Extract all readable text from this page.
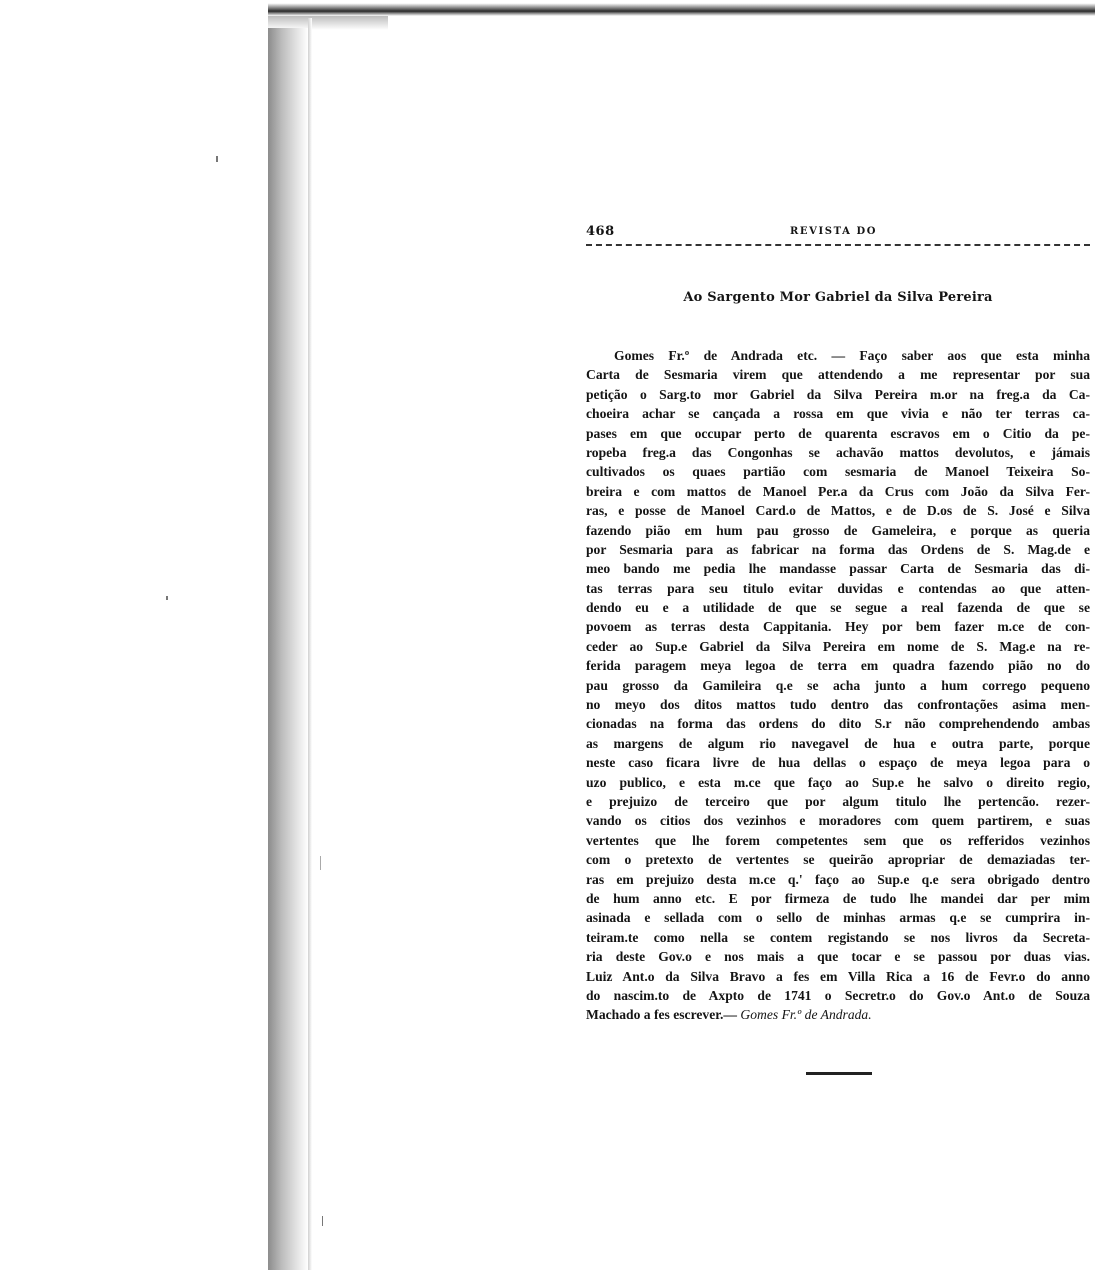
468	REVISTA DO
Ao Sargento Mor Gabriel da Silva Pereira
Gomes Fr.º de Andrada etc. — Faço saber aos que esta minha
Carta de Sesmaria virem que attendendo a me representar por sua
petição o Sarg.to mor Gabriel da Silva Pereira m.or na freg.a da Ca-
choeira achar se cançada a rossa em que vivia e não ter terras ca-
pases em que occupar perto de quarenta escravos em o Citio da pe-
ropeba freg.a das Congonhas se achavão mattos devolutos, e jámais
cultivados os quaes partião com sesmaria de Manoel Teixeira So-
breira e com mattos de Manoel Per.a da Crus com João da Silva Fer-
ras, e posse de Manoel Card.o de Mattos, e de D.os de S. José e Silva
fazendo pião em hum pau grosso de Gameleira, e porque as queria
por Sesmaria para as fabricar na forma das Ordens de S. Mag.de e
meo bando me pedia lhe mandasse passar Carta de Sesmaria das di-
tas terras para seu titulo evitar duvidas e contendas ao que atten-
dendo eu e a utilidade de que se segue a real fazenda de que se
povoem as terras desta Cappitania. Hey por bem fazer m.ce de con-
ceder ao Sup.e Gabriel da Silva Pereira em nome de S. Mag.e na re-
ferida paragem meya legoa de terra em quadra fazendo pião no do
pau grosso da Gamileira q.e se acha junto a hum corrego pequeno
no meyo dos ditos mattos tudo dentro das confrontações asima men-
cionadas na forma das ordens do dito S.r não comprehendendo ambas
as margens de algum rio navegavel de hua e outra parte, porque
neste caso ficara livre de hua dellas o espaço de meya legoa para o
uzo publico, e esta m.ce que faço ao Sup.e he salvo o direito regio,
e prejuizo de terceiro que por algum titulo lhe pertencão. rezer-
vando os citios dos vezinhos e moradores com quem partirem, e suas
vertentes que lhe forem competentes sem que os refferidos vezinhos
com o pretexto de vertentes se queirão apropriar de demaziadas ter-
ras em prejuizo desta m.ce q.' faço ao Sup.e q.e sera obrigado dentro
de hum anno etc. E por firmeza de tudo lhe mandei dar per mim
asinada e sellada com o sello de minhas armas q.e se cumprira in-
teiram.te como nella se contem registando se nos livros da Secreta-
ria deste Gov.o e nos mais a que tocar e se passou por duas vias.
Luiz Ant.o da Silva Bravo a fes em Villa Rica a 16 de Fevr.o do anno
do nascim.to de Axpto de 1741 o Secretr.o do Gov.o Ant.o de Souza
Machado a fes escrever.— Gomes Fr.º de Andrada.
